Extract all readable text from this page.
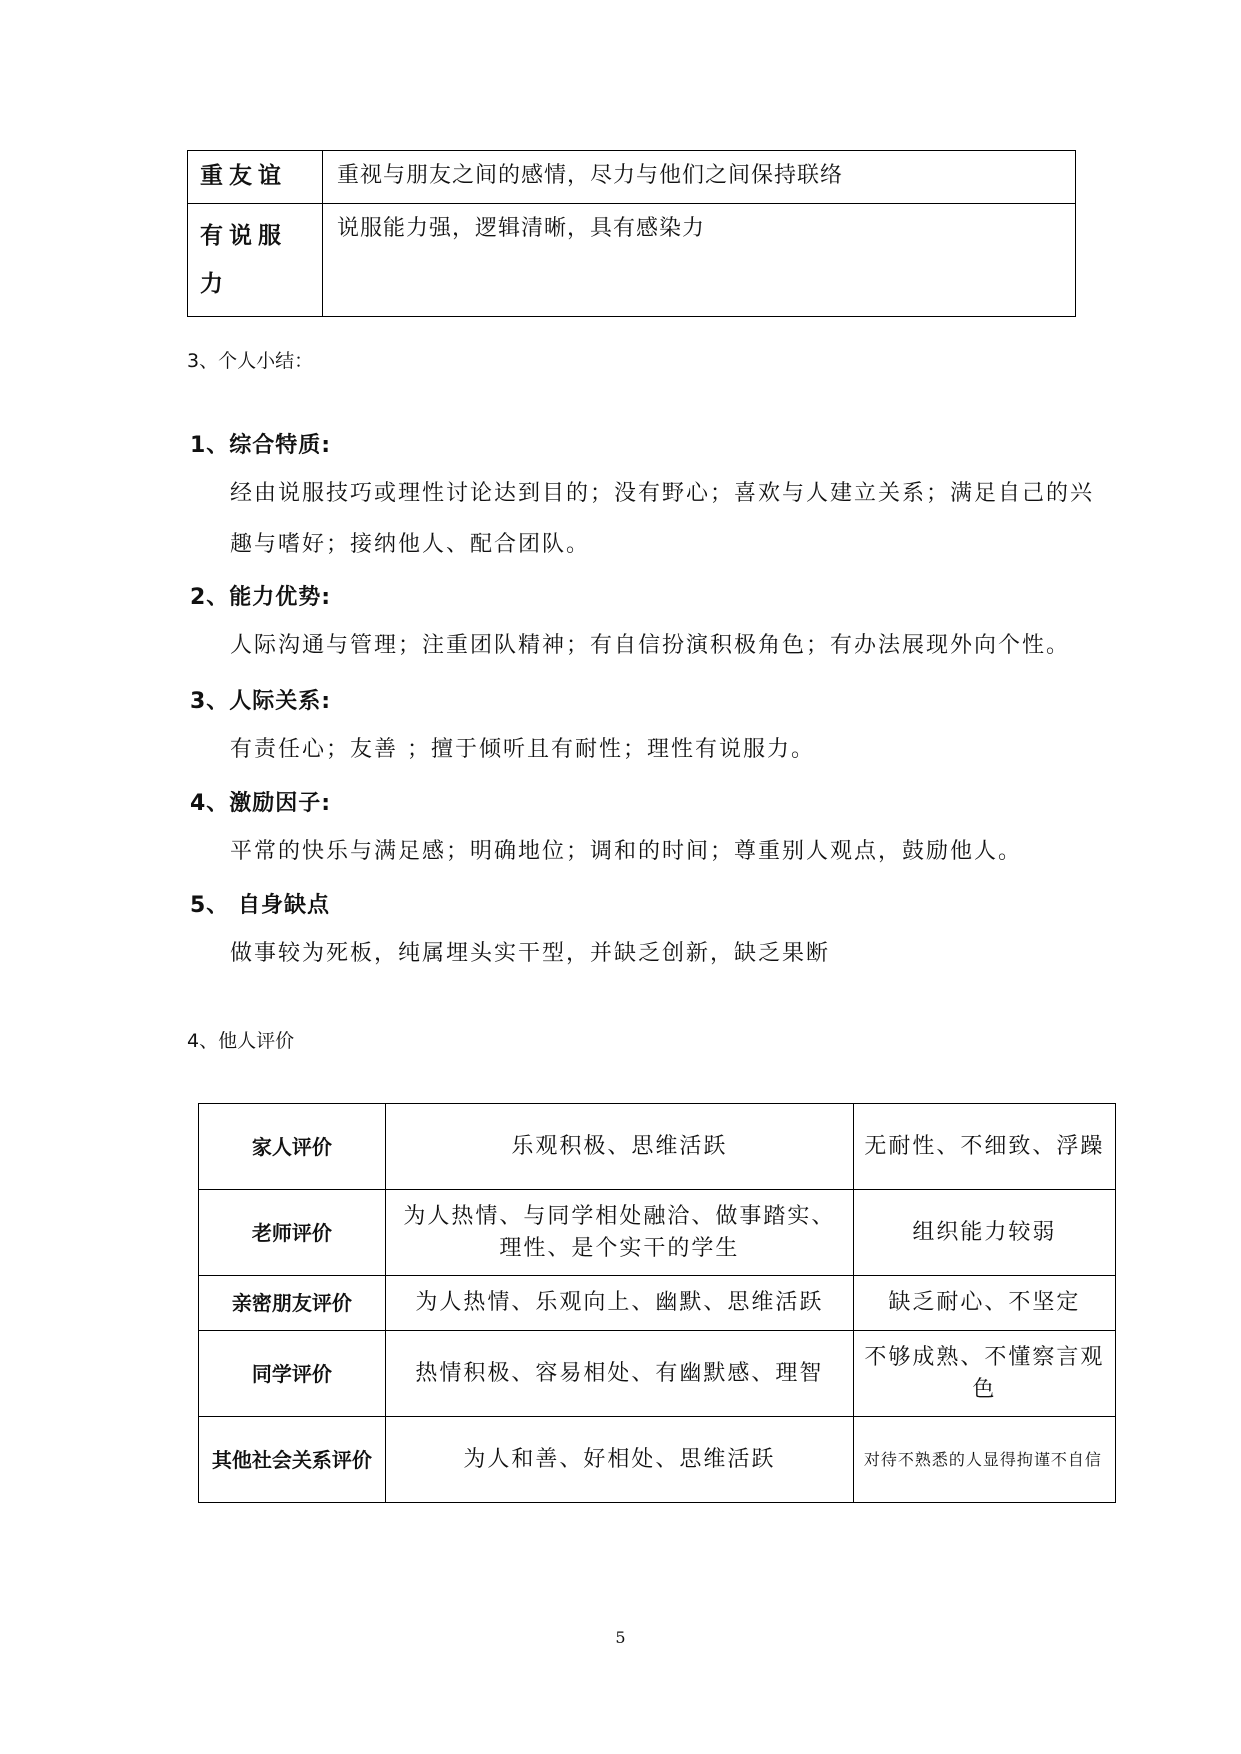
重友谊	重视与朋友之间的感情，尽力与他们之间保持联络
有说服力	说服能力强，逻辑清晰，具有感染力
3、个人小结：
1、综合特质:
经由说服技巧或理性讨论达到目的；没有野心；喜欢与人建立关系；满足自己的兴趣与嗜好；接纳他人、配合团队。
2、能力优势:
人际沟通与管理；注重团队精神；有自信扮演积极角色；有办法展现外向个性。
3、人际关系:
有责任心；友善 ；擅于倾听且有耐性；理性有说服力。
4、激励因子:
平常的快乐与满足感；明确地位；调和的时间；尊重别人观点，鼓励他人。
5、 自身缺点
做事较为死板，纯属埋头实干型，并缺乏创新，缺乏果断
4、他人评价
家人评价	乐观积极、思维活跃	无耐性、不细致、浮躁
老师评价	为人热情、与同学相处融洽、做事踏实、理性、是个实干的学生	组织能力较弱
亲密朋友评价	为人热情、乐观向上、幽默、思维活跃	缺乏耐心、不坚定
同学评价	热情积极、容易相处、有幽默感、理智	不够成熟、不懂察言观色
其他社会关系评价	为人和善、好相处、思维活跃	对待不熟悉的人显得拘谨不自信
5
